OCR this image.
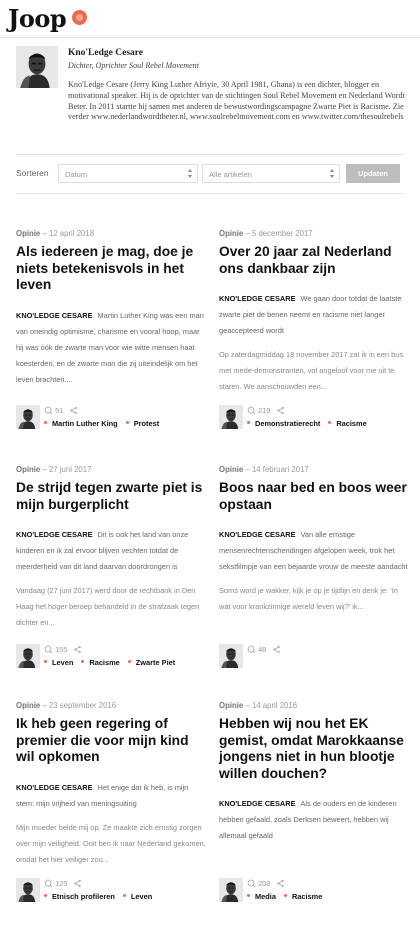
Joop
Kno'Ledge Cesare
Dichter, Oprichter Soul Rebel Movement
Kno'Ledge Cesare (Jerry King Luther Afriyie, 30 April 1981, Ghana) is een dichter, blogger en motivational speaker. Hij is de oprichter van de stichtingen Soul Rebel Movement en Nederland Wordt Beter. In 2011 startte hij samen met anderen de bewustwordingscampagne Zwarte Piet is Racisme. Zie verder www.nederlandwordtbeter.nl, www.soulrebelmovement.com en www.twitter.com/thesoulrebels
Sorteren	Datum	Alle artikelen	Updaten
Opinie – 12 april 2018
Als iedereen je mag, doe je niets betekenisvols in het leven
KNO'LEDGE CESARE Martin Luther King was een man van oneindig optimisme, charisme en vooral hoop, maar hij was óók de zwarte man voor wie witte mensen haat koesterden, en de zwarte man die zij uiteindelijk om het leven brachten....
51
Martin Luther King Protest
Opinie – 5 december 2017
Over 20 jaar zal Nederland ons dankbaar zijn
KNO'LEDGE CESARE We gaan door totdat de laatste zwarte piet de benen neemt en racisme niet langer geaccepteerd wordt
Op zaterdagmiddag 18 november 2017 zat ik in een bus met mede-demonstranten, vol angeloof voor me uit te staren. We aanschouwden een...
219
Demonstratierecht Racisme
Opinie – 27 juni 2017
De strijd tegen zwarte piet is mijn burgerplicht
KNO'LEDGE CESARE Dit is ook het land van onze kinderen en ik zal ervoor blijven vechten totdat de meerderheid van dit land daarvan doordrongen is
Vandaag (27 juni 2017) werd door de rechtbank in Den Haag het hoger beroep behandeld in de strafzaak tegen dichter en...
155
Leven Racisme Zwarte Piet
Opinie – 14 februari 2017
Boos naar bed en boos weer opstaan
KNO'LEDGE CESARE Van alle ernstige mensenrechtenschendingen afgelopen week, trok het sekstfilmpje van een bejaarde vrouw de meeste aandacht
Soms word je wakker, kijk je op je tijdlijn en denk je: 'In wat voor krankzinnige wereld leven wij?' ik...
48
Opinie – 23 september 2016
Ik heb geen regering of premier die voor mijn kind wil opkomen
KNO'LEDGE CESARE Het enige dat ik heb, is mijn stem: mijn vrijheid van meningsuiting
Mijn moeder belde mij op. Ze maakte zich ernstig zorgen over mijn veiligheid. Ooit ben ik naar Nederland gekomen, omdat het hier veiliger zou...
125
Etnisch profileren Leven
Opinie – 14 april 2016
Hebben wij nou het EK gemist, omdat Marokkaanse jongens niet in hun blootje willen douchen?
KNO'LEDGE CESARE Als de ouders en de kinderen hebben gefaald, zoals Derksen beweert, hebben wij allemaal gefaald
208
Media Racisme
